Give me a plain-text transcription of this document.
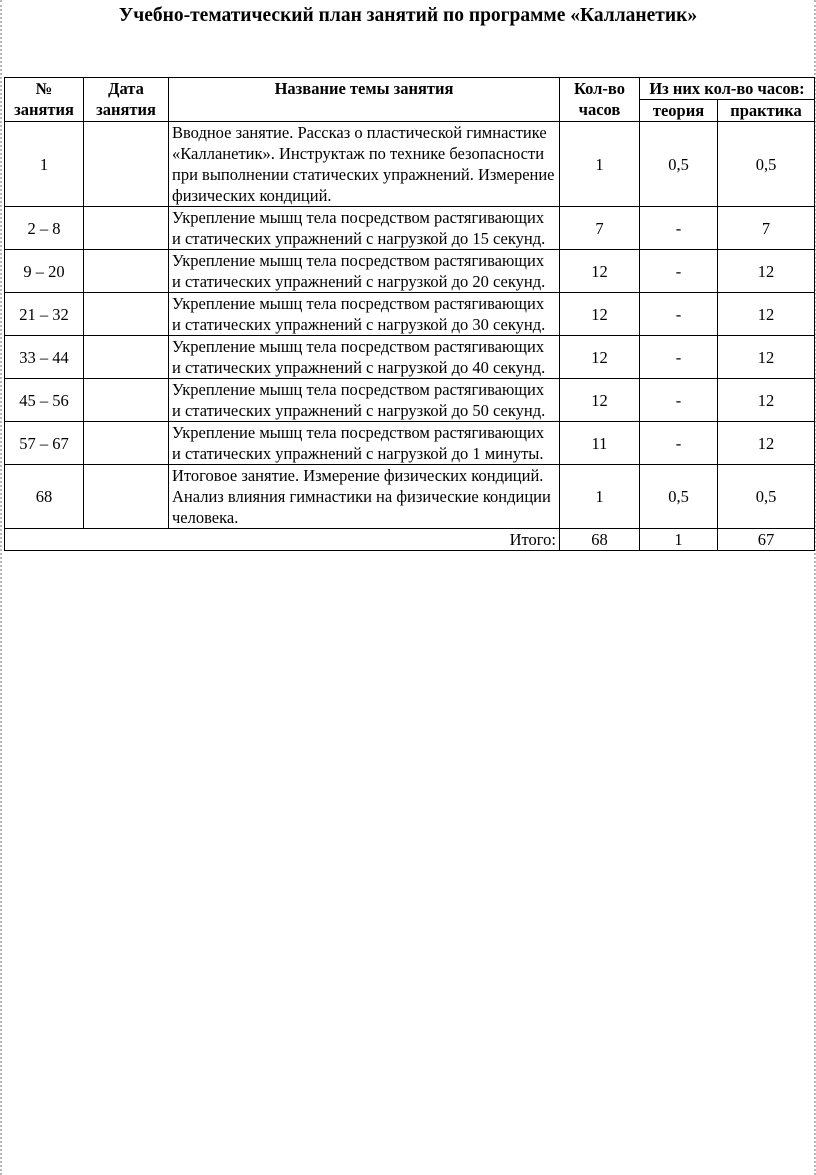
Учебно-тематический план занятий по программе «Калланетик»
№ занятия	Дата занятия	Название темы занятия	Кол-во часов	Из них кол-во часов:	
				теория	практика
1		Вводное занятие. Рассказ о пластической гимнастике «Калланетик». Инструктаж по технике безопасности при выполнении статических упражнений. Измерение физических кондиций.	1	0,5	0,5
2 – 8		Укрепление мышц тела посредством растягивающих и статических упражнений с нагрузкой до 15 секунд.	7	-	7
9 – 20		Укрепление мышц тела посредством растягивающих и статических упражнений с нагрузкой до 20 секунд.	12	-	12
21 – 32		Укрепление мышц тела посредством растягивающих и статических упражнений с нагрузкой до 30 секунд.	12	-	12
33 – 44		Укрепление мышц тела посредством растягивающих и статических упражнений с нагрузкой до 40 секунд.	12	-	12
45 – 56		Укрепление мышц тела посредством растягивающих и статических упражнений с нагрузкой до 50 секунд.	12	-	12
57 – 67		Укрепление мышц тела посредством растягивающих и статических упражнений с нагрузкой до 1 минуты.	11	-	12
68		Итоговое занятие. Измерение физических кондиций. Анализ влияния гимнастики на физические кондиции человека.	1	0,5	0,5
Итого:			68	1	67
